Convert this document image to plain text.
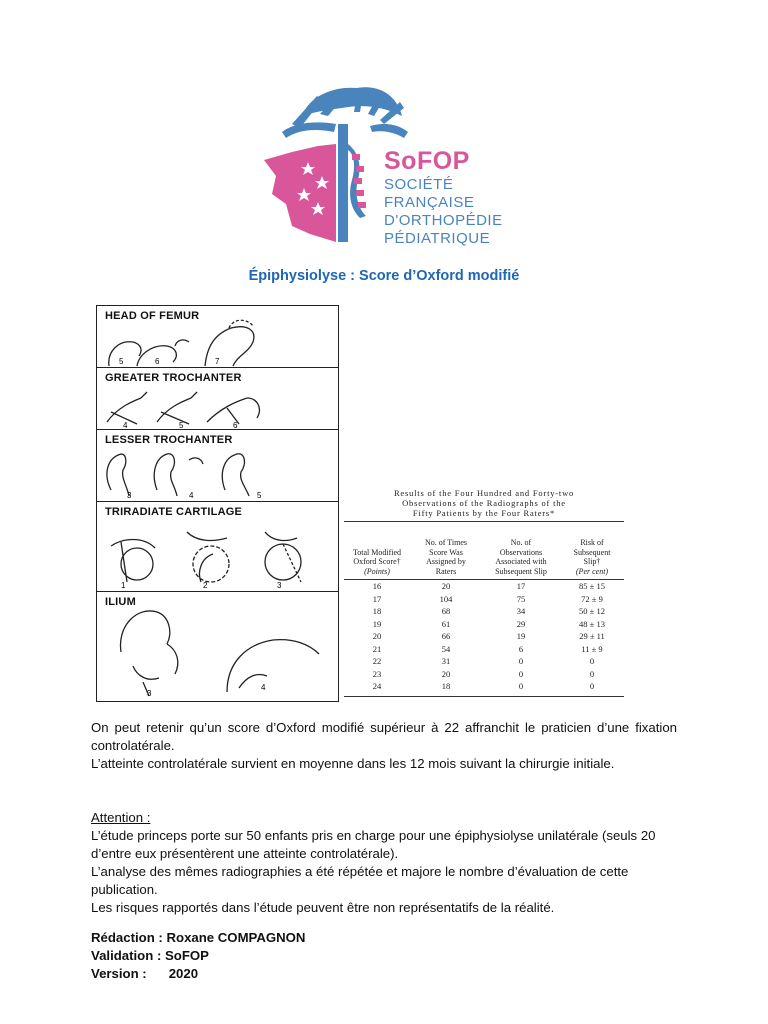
SoFOP
SOCIÉTÉ
FRANÇAISE
D'ORTHOPÉDIE
PÉDIATRIQUE
Épiphysiolyse : Score d’Oxford modifié
5	6	7
HEAD OF FEMUR
4	5	6
GREATER TROCHANTER
3	4	5
LESSER TROCHANTER
1	2	3
TRIRADIATE CARTILAGE
3
4
ILIUM
Results of the Four Hundred and Forty-two
Observations of the Radiographs of the
Fifty Patients by the Four Raters*
Total Modified
Oxford Score†
(Points)
No. of Times
Score Was
Assigned by
Raters
No. of
Observations
Associated with
Subsequent Slip
Risk of
Subsequent
Slip†
(Per cent)
16	20	17	85 ± 15
17	104	75	72 ± 9
18	68	34	50 ± 12
19	61	29	48 ± 13
20	66	19	29 ± 11
21	54	6	11 ± 9
22	31	0	0
23	20	0	0
24	18	0	0
On peut retenir qu’un score d’Oxford modifié supérieur à 22 affranchit le praticien d’une fixation controlatérale.
L’atteinte controlatérale survient en moyenne dans les 12 mois suivant la chirurgie initiale.
Attention :
L’étude princeps porte sur 50 enfants pris en charge pour une épiphysiolyse unilatérale (seuls 20 d’entre eux présentèrent une atteinte controlatérale).
L’analyse des mêmes radiographies a été répétée et majore le nombre d’évaluation de cette publication.
Les risques rapportés dans l’étude peuvent être non représentatifs de la réalité.
Rédaction : Roxane COMPAGNON
Validation : SoFOP
Version : 2020
